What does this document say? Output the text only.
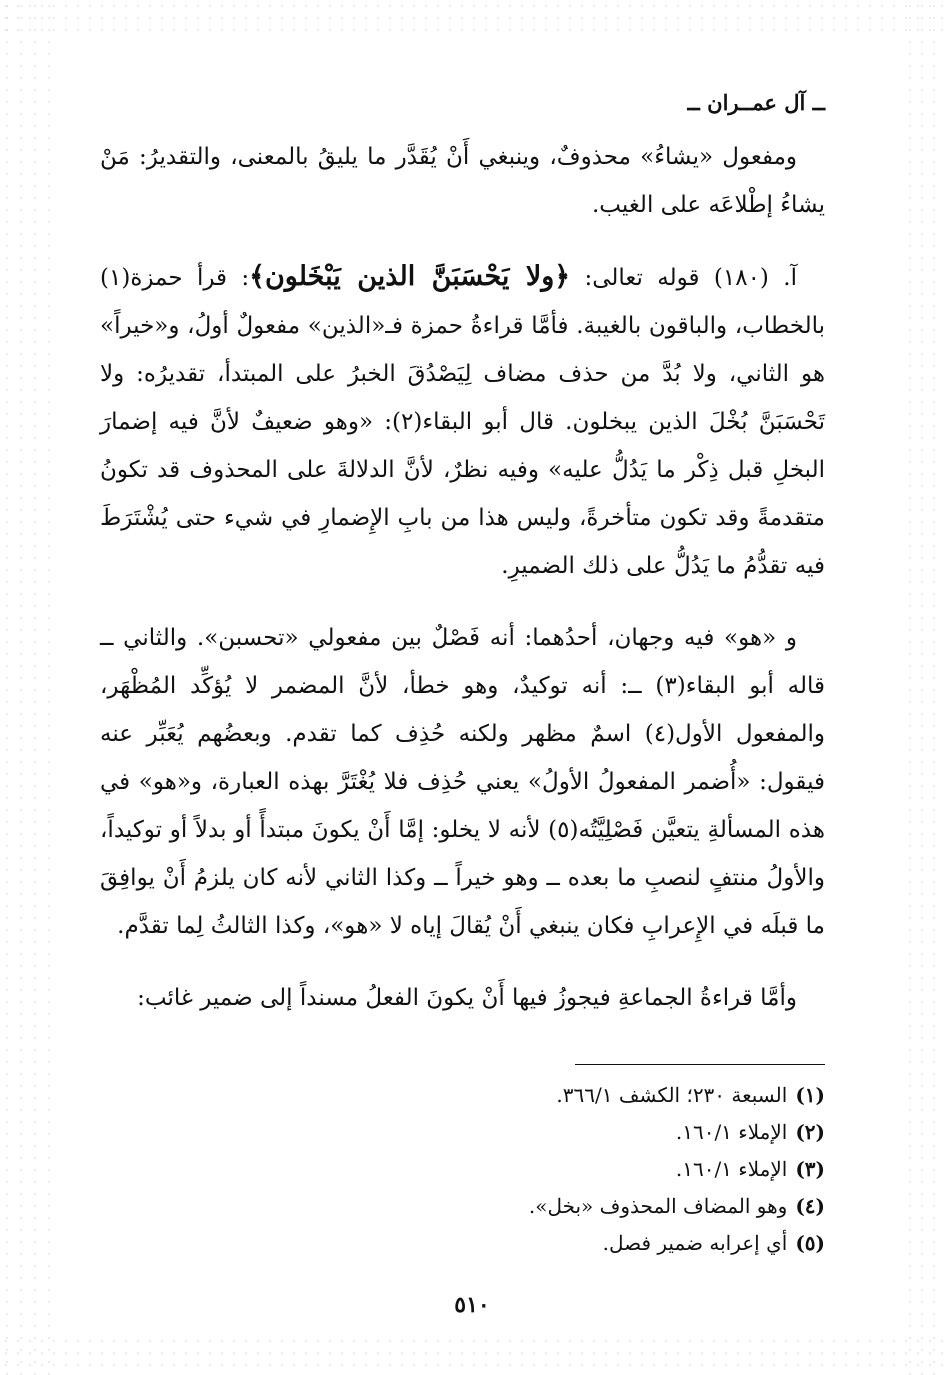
ــ آل عمــران ــ

ومفعول «يشاءُ» محذوفٌ، وينبغي أَنْ يُقَدَّر ما يليقُ بالمعنى، والتقديرُ: مَنْ يشاءُ إطْلاعَه على الغيب.

آ. (١٨٠) قوله تعالى: ﴿ولا يَحْسَبَنَّ الذين يَبْخَلون﴾: قرأ حمزة(١) بالخطاب، والباقون بالغيبة. فأمَّا قراءةُ حمزة فـ«الذين» مفعولٌ أولُ، و«خيراً» هو الثاني، ولا بُدَّ من حذف مضاف لِيَصْدُقَ الخبرُ على المبتدأ، تقديرُه: ولا تَحْسَبَنَّ بُخْلَ الذين يبخلون. قال أبو البقاء(٢): «وهو ضعيفٌ لأنَّ فيه إضمارَ البخلِ قبل ذِكْر ما يَدُلُّ عليه» وفيه نظرٌ، لأنَّ الدلالةَ على المحذوف قد تكونُ متقدمةً وقد تكون متأخرةً، وليس هذا من بابِ الإِضمارِ في شيء حتى يُشْتَرَطَ فيه تقدُّمُ ما يَدُلُّ على ذلك الضميرِ.

و «هو» فيه وجهان، أحدُهما: أنه فَصْلٌ بين مفعولي «تحسبن». والثاني ــ قاله أبو البقاء(٣) ــ: أنه توكيدٌ، وهو خطأ، لأنَّ المضمر لا يُؤكِّد المُظْهَر، والمفعول الأول(٤) اسمٌ مظهر ولكنه حُذِف كما تقدم. وبعضُهم يُعَبِّر عنه فيقول: «أُضمر المفعولُ الأولُ» يعني حُذِف فلا يُغْتَرَّ بهذه العبارة، و«هو» في هذه المسألةِ يتعيَّن فَصْلِيَّتُه(٥) لأنه لا يخلو: إمَّا أَنْ يكونَ مبتدأً أو بدلاً أو توكيداً، والأولُ منتفٍ لنصبِ ما بعده ــ وهو خيراً ــ وكذا الثاني لأنه كان يلزمُ أَنْ يوافِقَ ما قبلَه في الإِعرابِ فكان ينبغي أَنْ يُقالَ إياه لا «هو»، وكذا الثالثُ لِما تقدَّم.

وأمَّا قراءةُ الجماعةِ فيجوزُ فيها أَنْ يكونَ الفعلُ مسنداً إلى ضمير غائب:

(١)السبعة ٢٣٠؛ الكشف ٣٦٦/١.
(٢)الإملاء ١٦٠/١.
(٣)الإملاء ١٦٠/١.
(٤)وهو المضاف المحذوف «بخل».
(٥)أي إعرابه ضمير فصل.
٥١٠
